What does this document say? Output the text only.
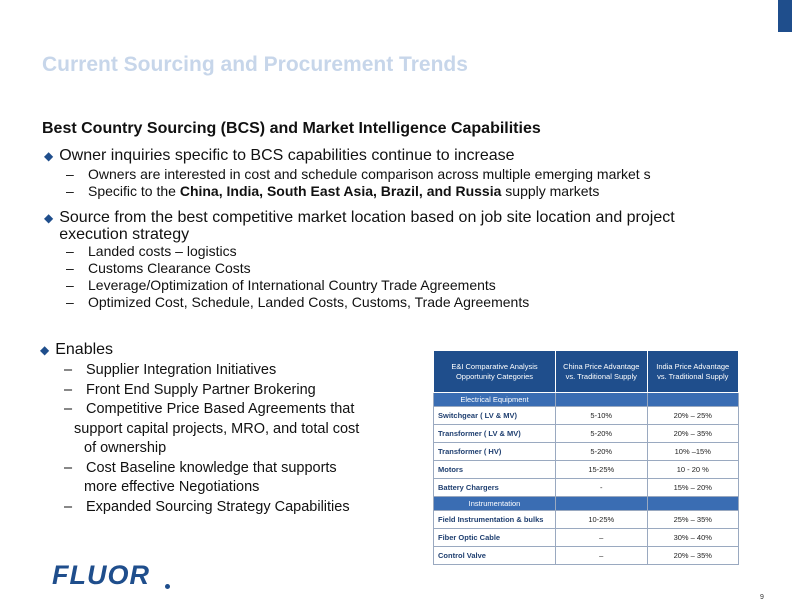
Current Sourcing and Procurement Trends
Best Country Sourcing (BCS) and Market Intelligence Capabilities
◆ Owner inquiries specific to BCS capabilities continue to increase
– Owners are interested in cost and schedule comparison across multiple emerging market s
– Specific to the China, India, South East Asia, Brazil, and Russia supply markets
◆ Source from the best competitive market location based on job site location and project execution strategy
– Landed costs – logistics
– Customs Clearance Costs
– Leverage/Optimization of International Country Trade Agreements
– Optimized Cost, Schedule, Landed Costs, Customs, Trade Agreements
◆ Enables
– Supplier Integration Initiatives
– Front End Supply Partner Brokering
– Competitive Price Based Agreements that
support capital projects, MRO, and total cost
of ownership
– Cost Baseline knowledge that supports
more effective Negotiations
– Expanded Sourcing Strategy Capabilities
E&I Comparative Analysis Opportunity Categories	China Price Advantage vs. Traditional Supply	India Price Advantage vs. Traditional Supply
Electrical Equipment		
Switchgear ( LV & MV)	5-10%	20% – 25%
Transformer ( LV & MV)	5-20%	20% – 35%
Transformer ( HV)	5-20%	10% –15%
Motors	15-25%	10 - 20 %
Battery Chargers	-	15% – 20%
Instrumentation		
Field Instrumentation & bulks	10-25%	25% – 35%
Fiber Optic Cable	–	30% – 40%
Control Valve	–	20% – 35%
FLUOR
9
